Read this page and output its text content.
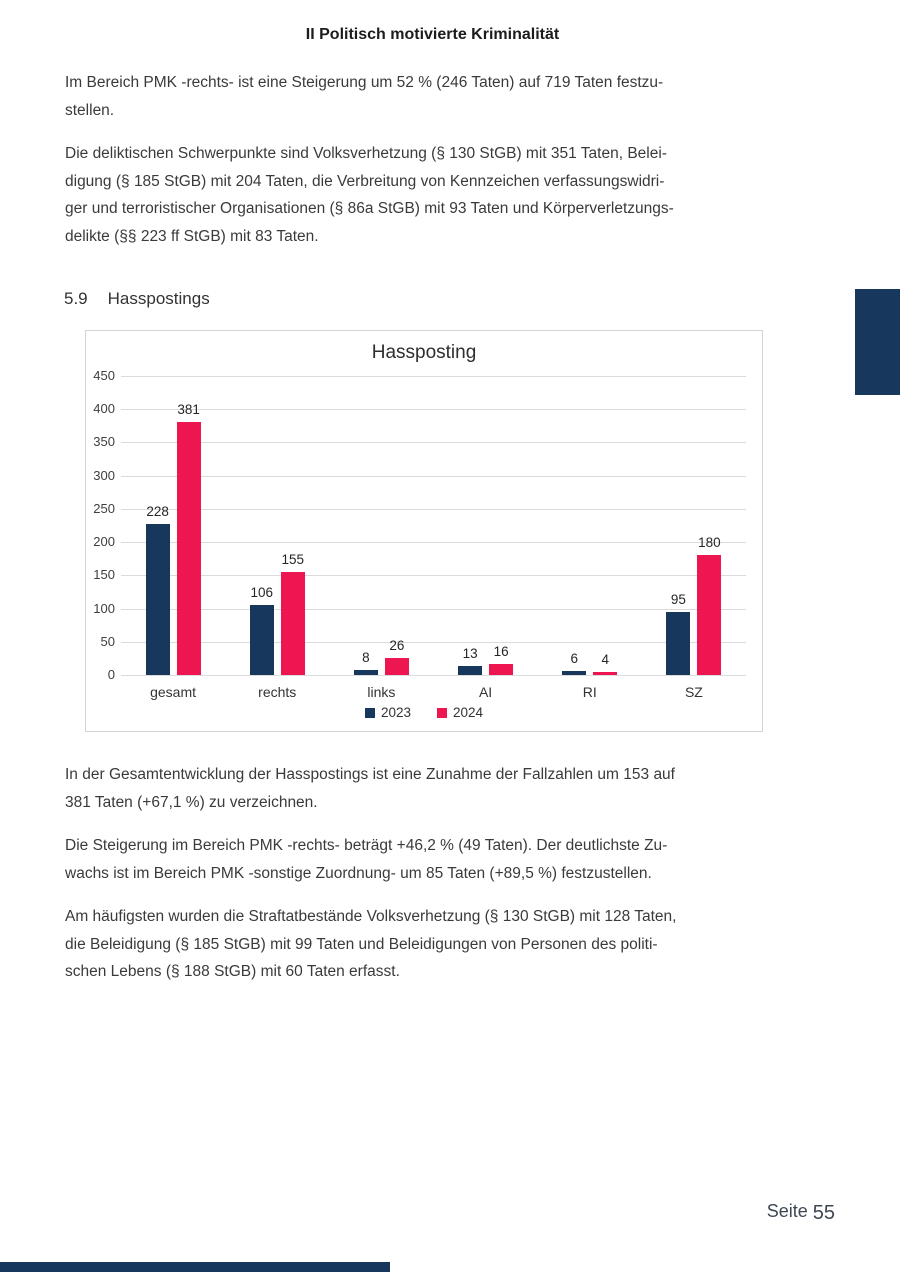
II Politisch motivierte Kriminalität

Im Bereich PMK -rechts- ist eine Steigerung um 52 % (246 Taten) auf 719 Taten festzu-
stellen.

Die deliktischen Schwerpunkte sind Volksverhetzung (§ 130 StGB) mit 351 Taten, Belei-
digung (§ 185 StGB) mit 204 Taten, die Verbreitung von Kennzeichen verfassungswidri-
ger und terroristischer Organisationen (§ 86a StGB) mit 93 Taten und Körperverletzungs-
delikte (§§ 223 ff StGB) mit 83 Taten.

5.9 Hasspostings
Hassposting
0
50
100
150
200
250
300
350
400
450
228
381
gesamt
106
155
rechts
8
26
links
13	16
AI
6	4
RI
95
180
SZ
2023	2024

In der Gesamtentwicklung der Hasspostings ist eine Zunahme der Fallzahlen um 153 auf
381 Taten (+67,1 %) zu verzeichnen.

Die Steigerung im Bereich PMK -rechts- beträgt +46,2 % (49 Taten). Der deutlichste Zu-
wachs ist im Bereich PMK -sonstige Zuordnung- um 85 Taten (+89,5 %) festzustellen.

Am häufigsten wurden die Straftatbestände Volksverhetzung (§ 130 StGB) mit 128 Taten,
die Beleidigung (§ 185 StGB) mit 99 Taten und Beleidigungen von Personen des politi-
schen Lebens (§ 188 StGB) mit 60 Taten erfasst.

Seite 55
